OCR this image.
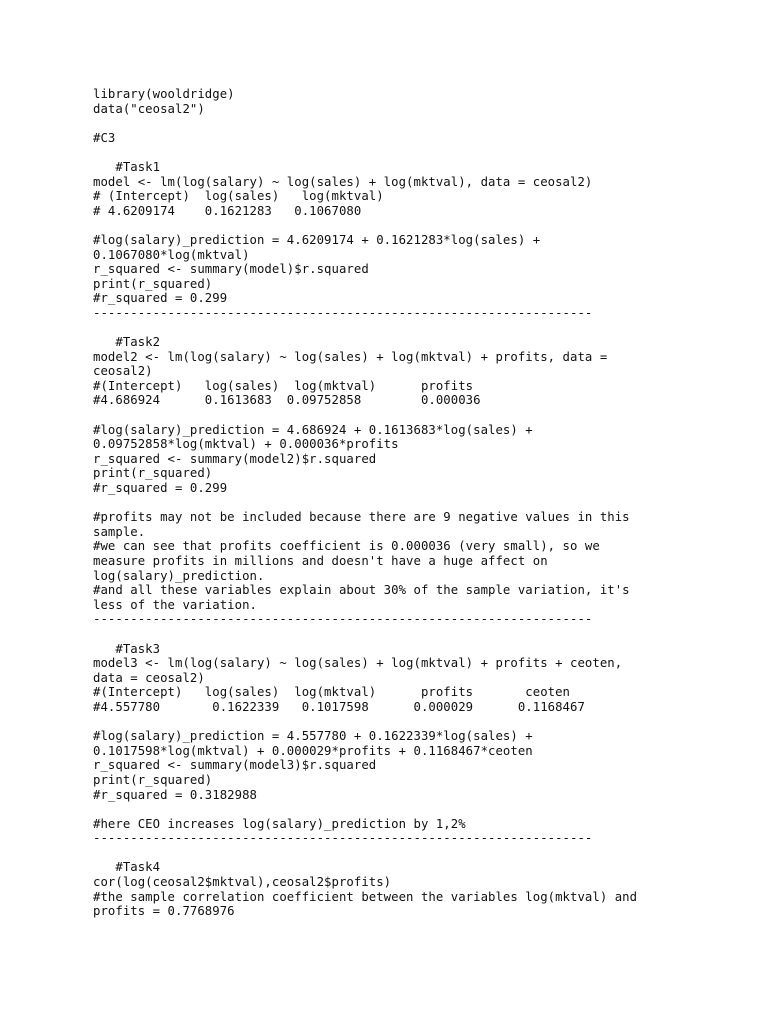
library(wooldridge)
data("ceosal2")
#C3
#Task1
model <- lm(log(salary) ~ log(sales) + log(mktval), data = ceosal2)
# (Intercept)  log(sales)   log(mktval)
# 4.6209174    0.1621283   0.1067080
#log(salary)_prediction = 4.6209174 + 0.1621283*log(sales) +
0.1067080*log(mktval)
r_squared <- summary(model)$r.squared
print(r_squared)
#r_squared = 0.299
-------------------------------------------------------------------
#Task2
model2 <- lm(log(salary) ~ log(sales) + log(mktval) + profits, data =
ceosal2)
#(Intercept)   log(sales)  log(mktval)      profits
#4.686924      0.1613683  0.09752858        0.000036
#log(salary)_prediction = 4.686924 + 0.1613683*log(sales) +
0.09752858*log(mktval) + 0.000036*profits
r_squared <- summary(model2)$r.squared
print(r_squared)
#r_squared = 0.299
#profits may not be included because there are 9 negative values in this
sample.
#we can see that profits coefficient is 0.000036 (very small), so we
measure profits in millions and doesn't have a huge affect on
log(salary)_prediction.
#and all these variables explain about 30% of the sample variation, it's
less of the variation.
-------------------------------------------------------------------
#Task3
model3 <- lm(log(salary) ~ log(sales) + log(mktval) + profits + ceoten,
data = ceosal2)
#(Intercept)   log(sales)  log(mktval)      profits       ceoten
#4.557780       0.1622339   0.1017598      0.000029      0.1168467
#log(salary)_prediction = 4.557780 + 0.1622339*log(sales) +
0.1017598*log(mktval) + 0.000029*profits + 0.1168467*ceoten
r_squared <- summary(model3)$r.squared
print(r_squared)
#r_squared = 0.3182988
#here CEO increases log(salary)_prediction by 1,2%
-------------------------------------------------------------------
#Task4
cor(log(ceosal2$mktval),ceosal2$profits)
#the sample correlation coefficient between the variables log(mktval) and
profits = 0.7768976
